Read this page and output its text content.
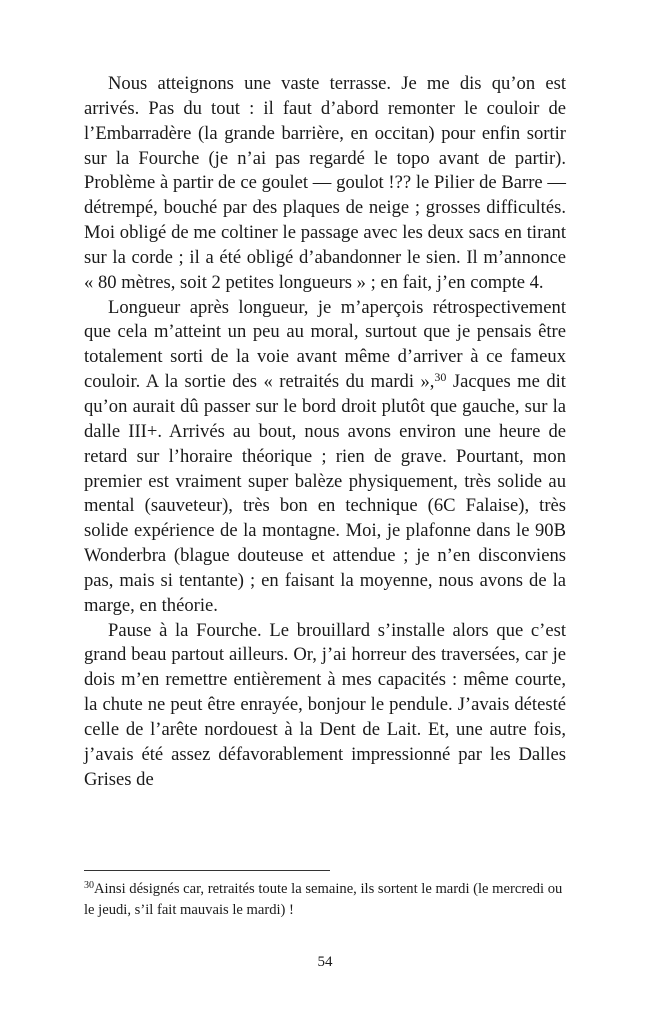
Nous atteignons une vaste terrasse. Je me dis qu’on est arrivés. Pas du tout : il faut d’abord remonter le couloir de l’Embarradère (la grande barrière, en occitan) pour enfin sortir sur la Fourche (je n’ai pas regardé le topo avant de partir). Problème à partir de ce goulet — goulot !?? le Pilier de Barre — détrempé, bouché par des plaques de neige ; grosses difficultés. Moi obligé de me coltiner le passage avec les deux sacs en tirant sur la corde ; il a été obligé d’abandonner le sien. Il m’annonce « 80 mètres, soit 2 petites longueurs » ; en fait, j’en compte 4.

Longueur après longueur, je m’aperçois rétrospectivement que cela m’atteint un peu au moral, surtout que je pensais être totalement sorti de la voie avant même d’arriver à ce fameux couloir. A la sortie des « retraités du mardi »,$^{30}$ Jacques me dit qu’on aurait dû passer sur le bord droit plutôt que gauche, sur la dalle III+. Arrivés au bout, nous avons environ une heure de retard sur l’horaire théorique ; rien de grave. Pourtant, mon premier est vraiment super balèze physiquement, très solide au mental (sauveteur), très bon en technique (6C Falaise), très solide expérience de la montagne. Moi, je plafonne dans le 90B Wonderbra (blague douteuse et attendue ; je n’en disconviens pas, mais si tentante) ; en faisant la moyenne, nous avons de la marge, en théorie.

Pause à la Fourche. Le brouillard s’installe alors que c’est grand beau partout ailleurs. Or, j’ai horreur des traversées, car je dois m’en remettre entièrement à mes capacités : même courte, la chute ne peut être enrayée, bonjour le pendule. J’avais détesté celle de l’arête nordouest à la Dent de Lait. Et, une autre fois, j’avais été assez défavorablement impressionné par les Dalles Grises de

$^{30}$Ainsi désignés car, retraités toute la semaine, ils sortent le mardi (le mercredi ou le jeudi, s’il fait mauvais le mardi) !

54
